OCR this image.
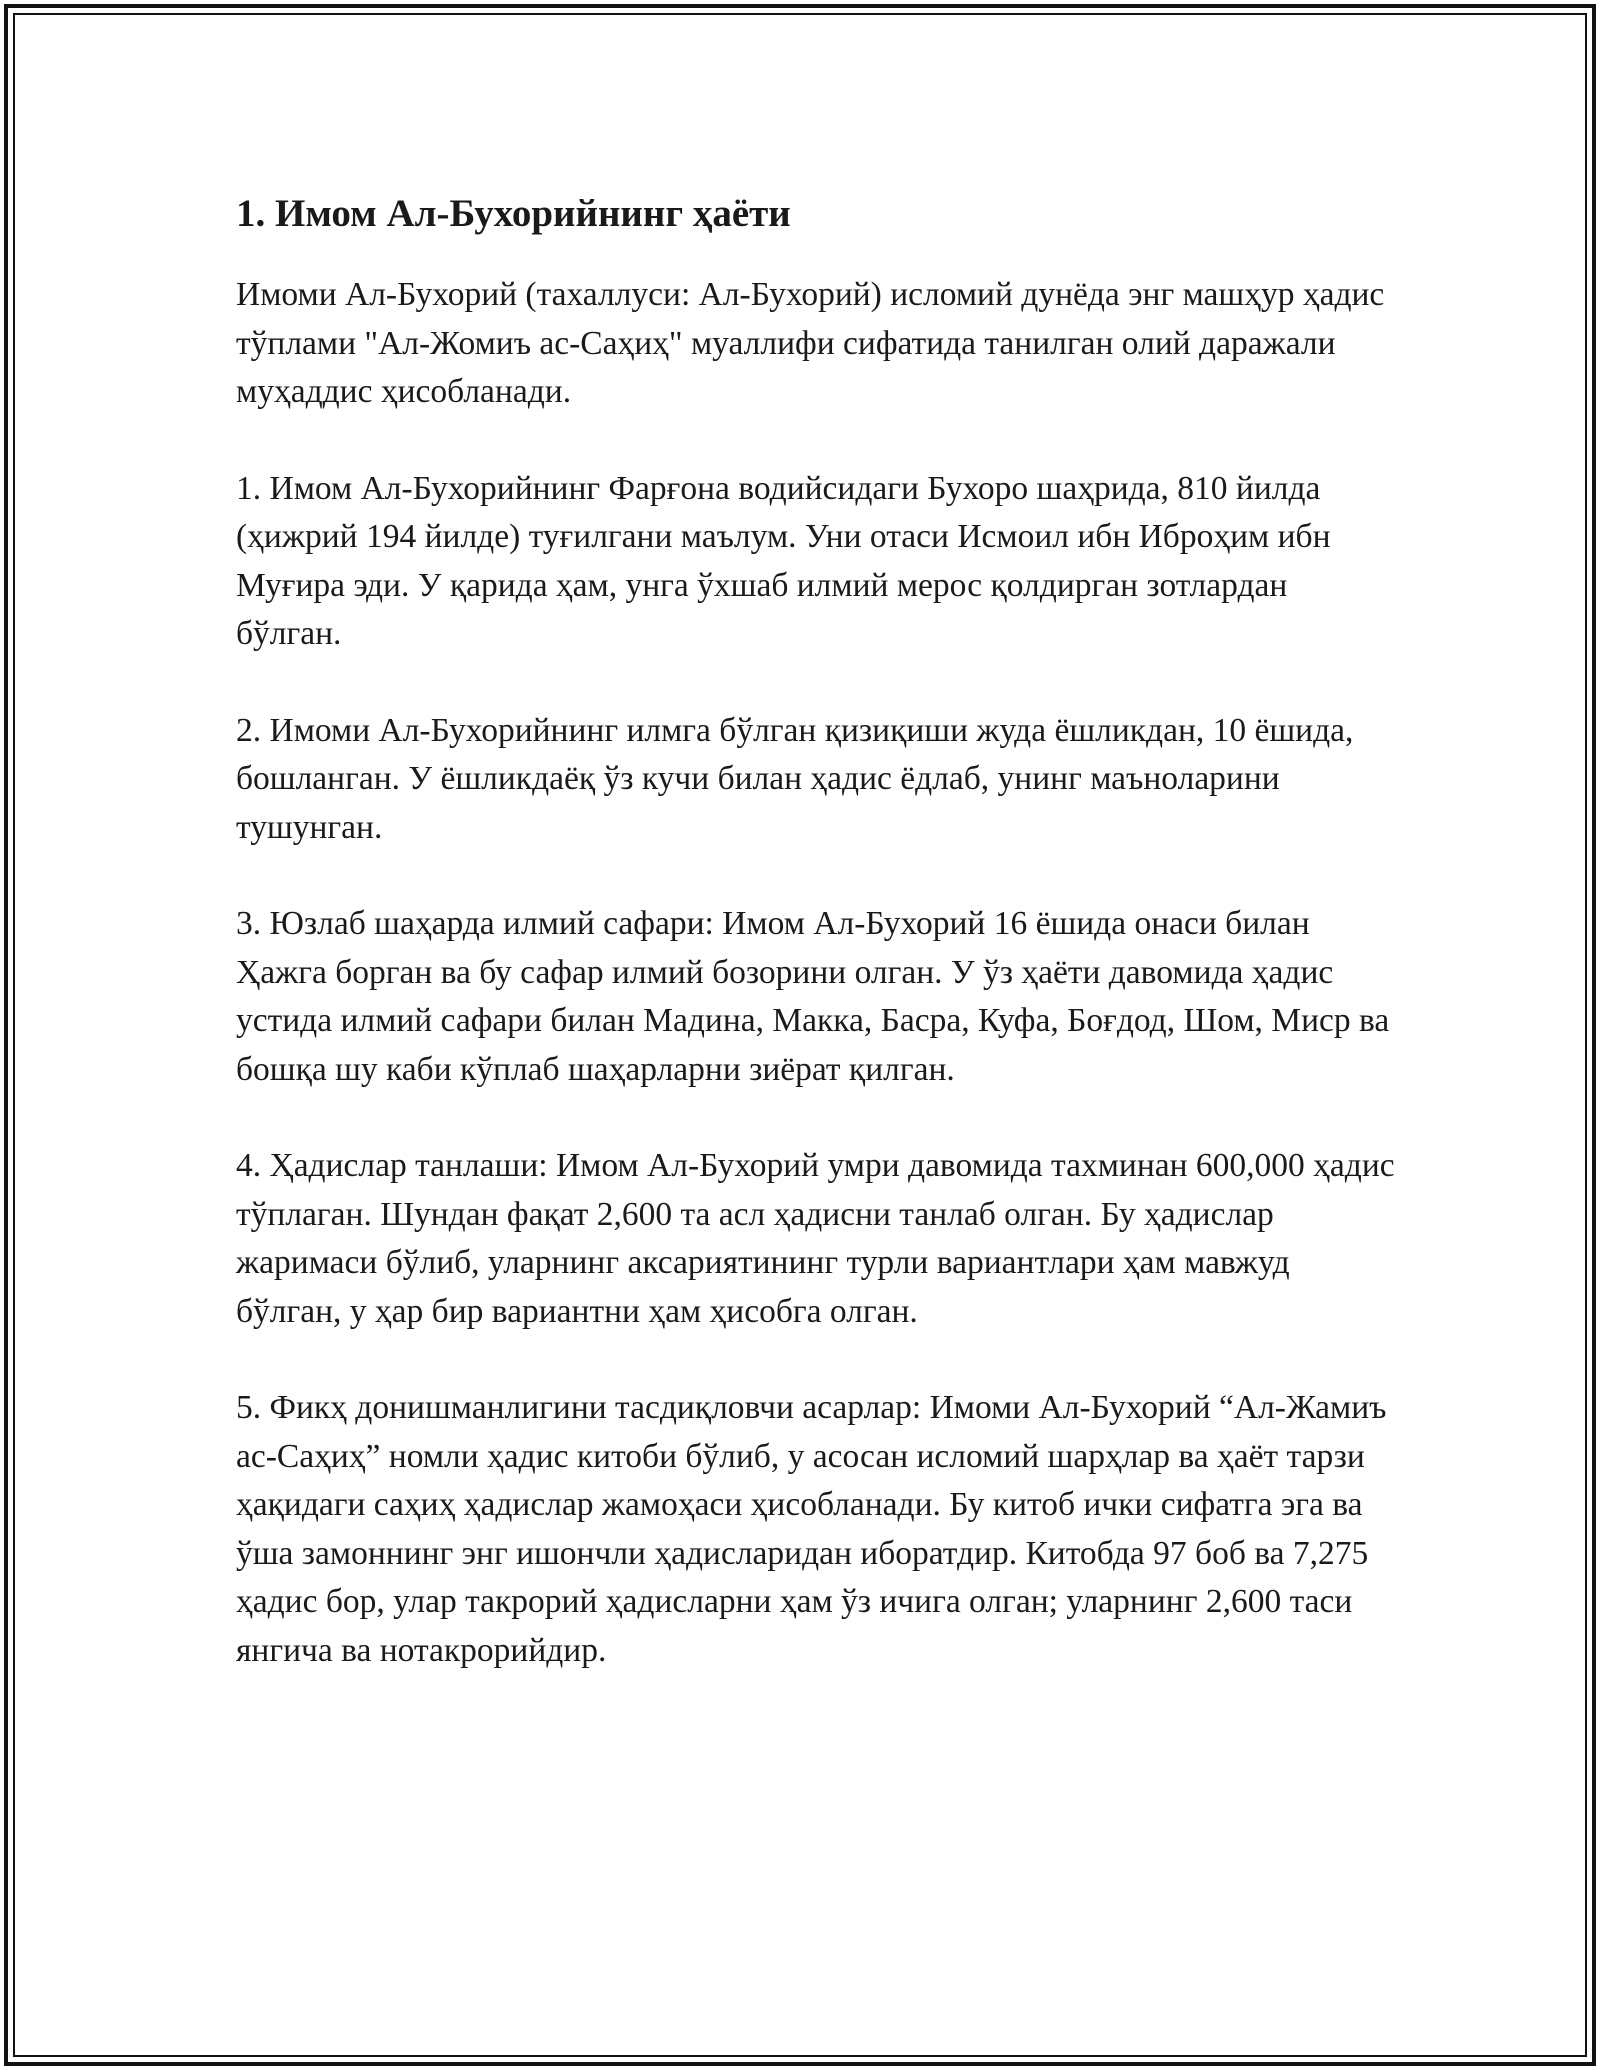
1. Имом Ал-Бухорийнинг ҳаёти

Имоми Ал-Бухорий (тахаллуси: Ал-Бухорий) исломий дунёда энг машҳур ҳадис тўплами "Ал-Жомиъ ас-Саҳиҳ" муаллифи сифатида танилган олий даражали муҳаддис ҳисобланади.

1. Имом Ал-Бухорийнинг Фарғона водийсидаги Бухоро шаҳрида, 810 йилда (ҳижрий 194 йилде) туғилгани маълум. Уни отаси Исмоил ибн Иброҳим ибн Муғира эди. У қарида ҳам, унга ўхшаб илмий мерос қолдирган зотлардан бўлган.

2. Имоми Ал-Бухорийнинг илмга бўлган қизиқиши жуда ёшликдан, 10 ёшида, бошланган. У ёшликдаёқ ўз кучи билан ҳадис ёдлаб, унинг маъноларини тушунган.

3. Юзлаб шаҳарда илмий сафари: Имом Ал-Бухорий 16 ёшида онаси билан Ҳажга борган ва бу сафар илмий бозорини олган. У ўз ҳаёти давомида ҳадис устида илмий сафари билан Мадина, Макка, Басра, Куфа, Боғдод, Шом, Миср ва бошқа шу каби кўплаб шаҳарларни зиёрат қилган.

4. Ҳадислар танлаши: Имом Ал-Бухорий умри давомида тахминан 600,000 ҳадис тўплаган. Шундан фақат 2,600 та асл ҳадисни танлаб олган. Бу ҳадислар жаримаси бўлиб, уларнинг аксариятининг турли вариантлари ҳам мавжуд бўлган, у ҳар бир вариантни ҳам ҳисобга олган.

5. Фикҳ донишманлигини тасдиқловчи асарлар: Имоми Ал-Бухорий “Ал-Жамиъ ас-Саҳиҳ” номли ҳадис китоби бўлиб, у асосан исломий шарҳлар ва ҳаёт тарзи ҳақидаги саҳиҳ ҳадислар жамоҳаси ҳисобланади. Бу китоб ички сифатга эга ва ўша замоннинг энг ишончли ҳадисларидан иборатдир. Китобда 97 боб ва 7,275 ҳадис бор, улар такрорий ҳадисларни ҳам ўз ичига олган; уларнинг 2,600 таси янгича ва нотакрорийдир.
